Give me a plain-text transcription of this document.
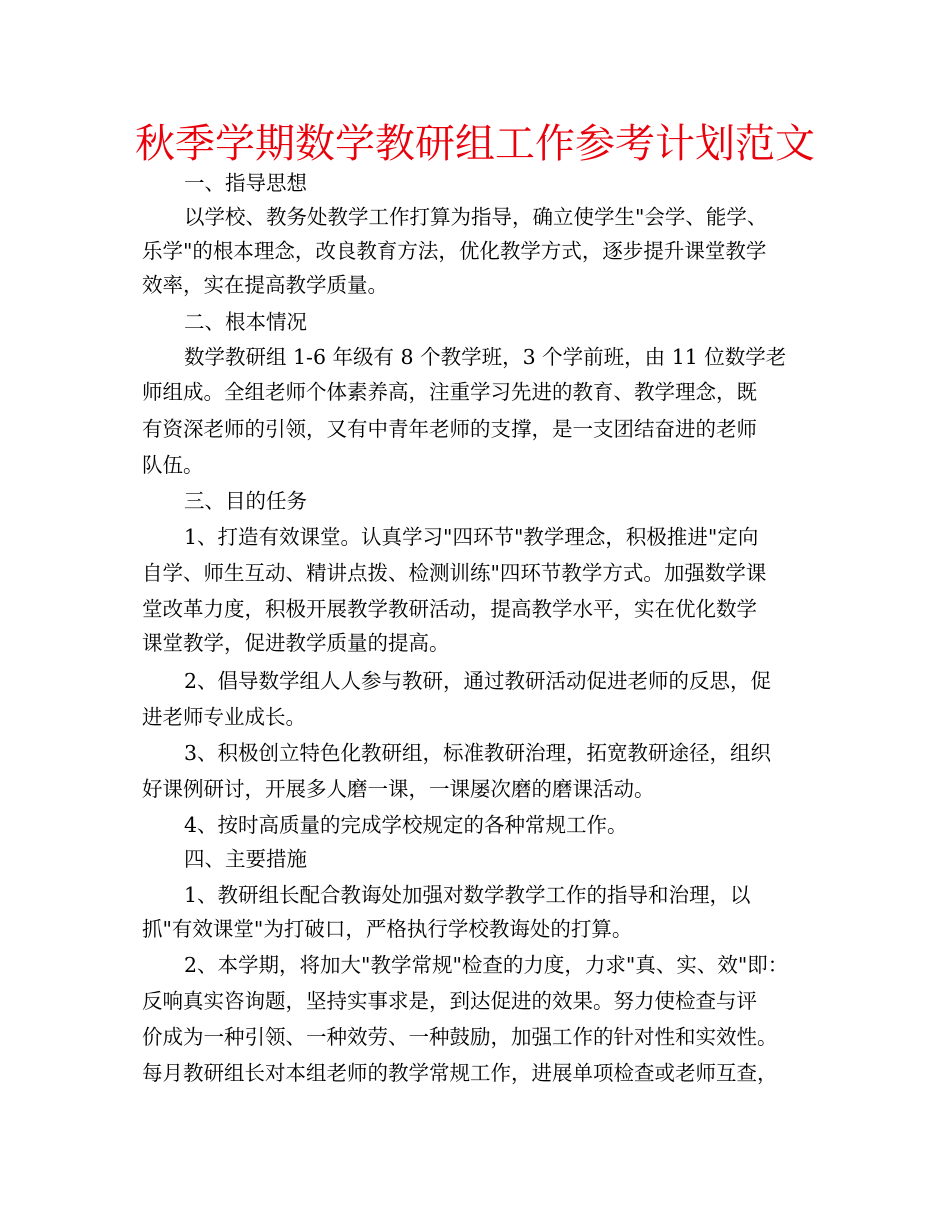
秋季学期数学教研组工作参考计划范文

一、指导思想

以学校、教务处教学工作打算为指导，确立使学生"会学、能学、

乐学"的根本理念，改良教育方法，优化教学方式，逐步提升课堂教学

效率，实在提高教学质量。

二、根本情况

数学教研组 1-6 年级有 8 个教学班，3 个学前班，由 11 位数学老

师组成。全组老师个体素养高，注重学习先进的教育、教学理念，既

有资深老师的引领，又有中青年老师的支撑，是一支团结奋进的老师

队伍。

三、目的任务

1、打造有效课堂。认真学习"四环节"教学理念，积极推进"定向

自学、师生互动、精讲点拨、检测训练"四环节教学方式。加强数学课

堂改革力度，积极开展教学教研活动，提高教学水平，实在优化数学

课堂教学，促进教学质量的提高。

2、倡导数学组人人参与教研，通过教研活动促进老师的反思，促

进老师专业成长。

3、积极创立特色化教研组，标准教研治理，拓宽教研途径，组织

好课例研讨，开展多人磨一课，一课屡次磨的磨课活动。

4、按时高质量的完成学校规定的各种常规工作。

四、主要措施

1、教研组长配合教诲处加强对数学教学工作的指导和治理，以

抓"有效课堂"为打破口，严格执行学校教诲处的打算。

2、本学期，将加大"教学常规"检查的力度，力求"真、实、效"即：

反响真实咨询题，坚持实事求是，到达促进的效果。努力使检查与评

价成为一种引领、一种效劳、一种鼓励，加强工作的针对性和实效性。

每月教研组长对本组老师的教学常规工作，进展单项检查或老师互查，
